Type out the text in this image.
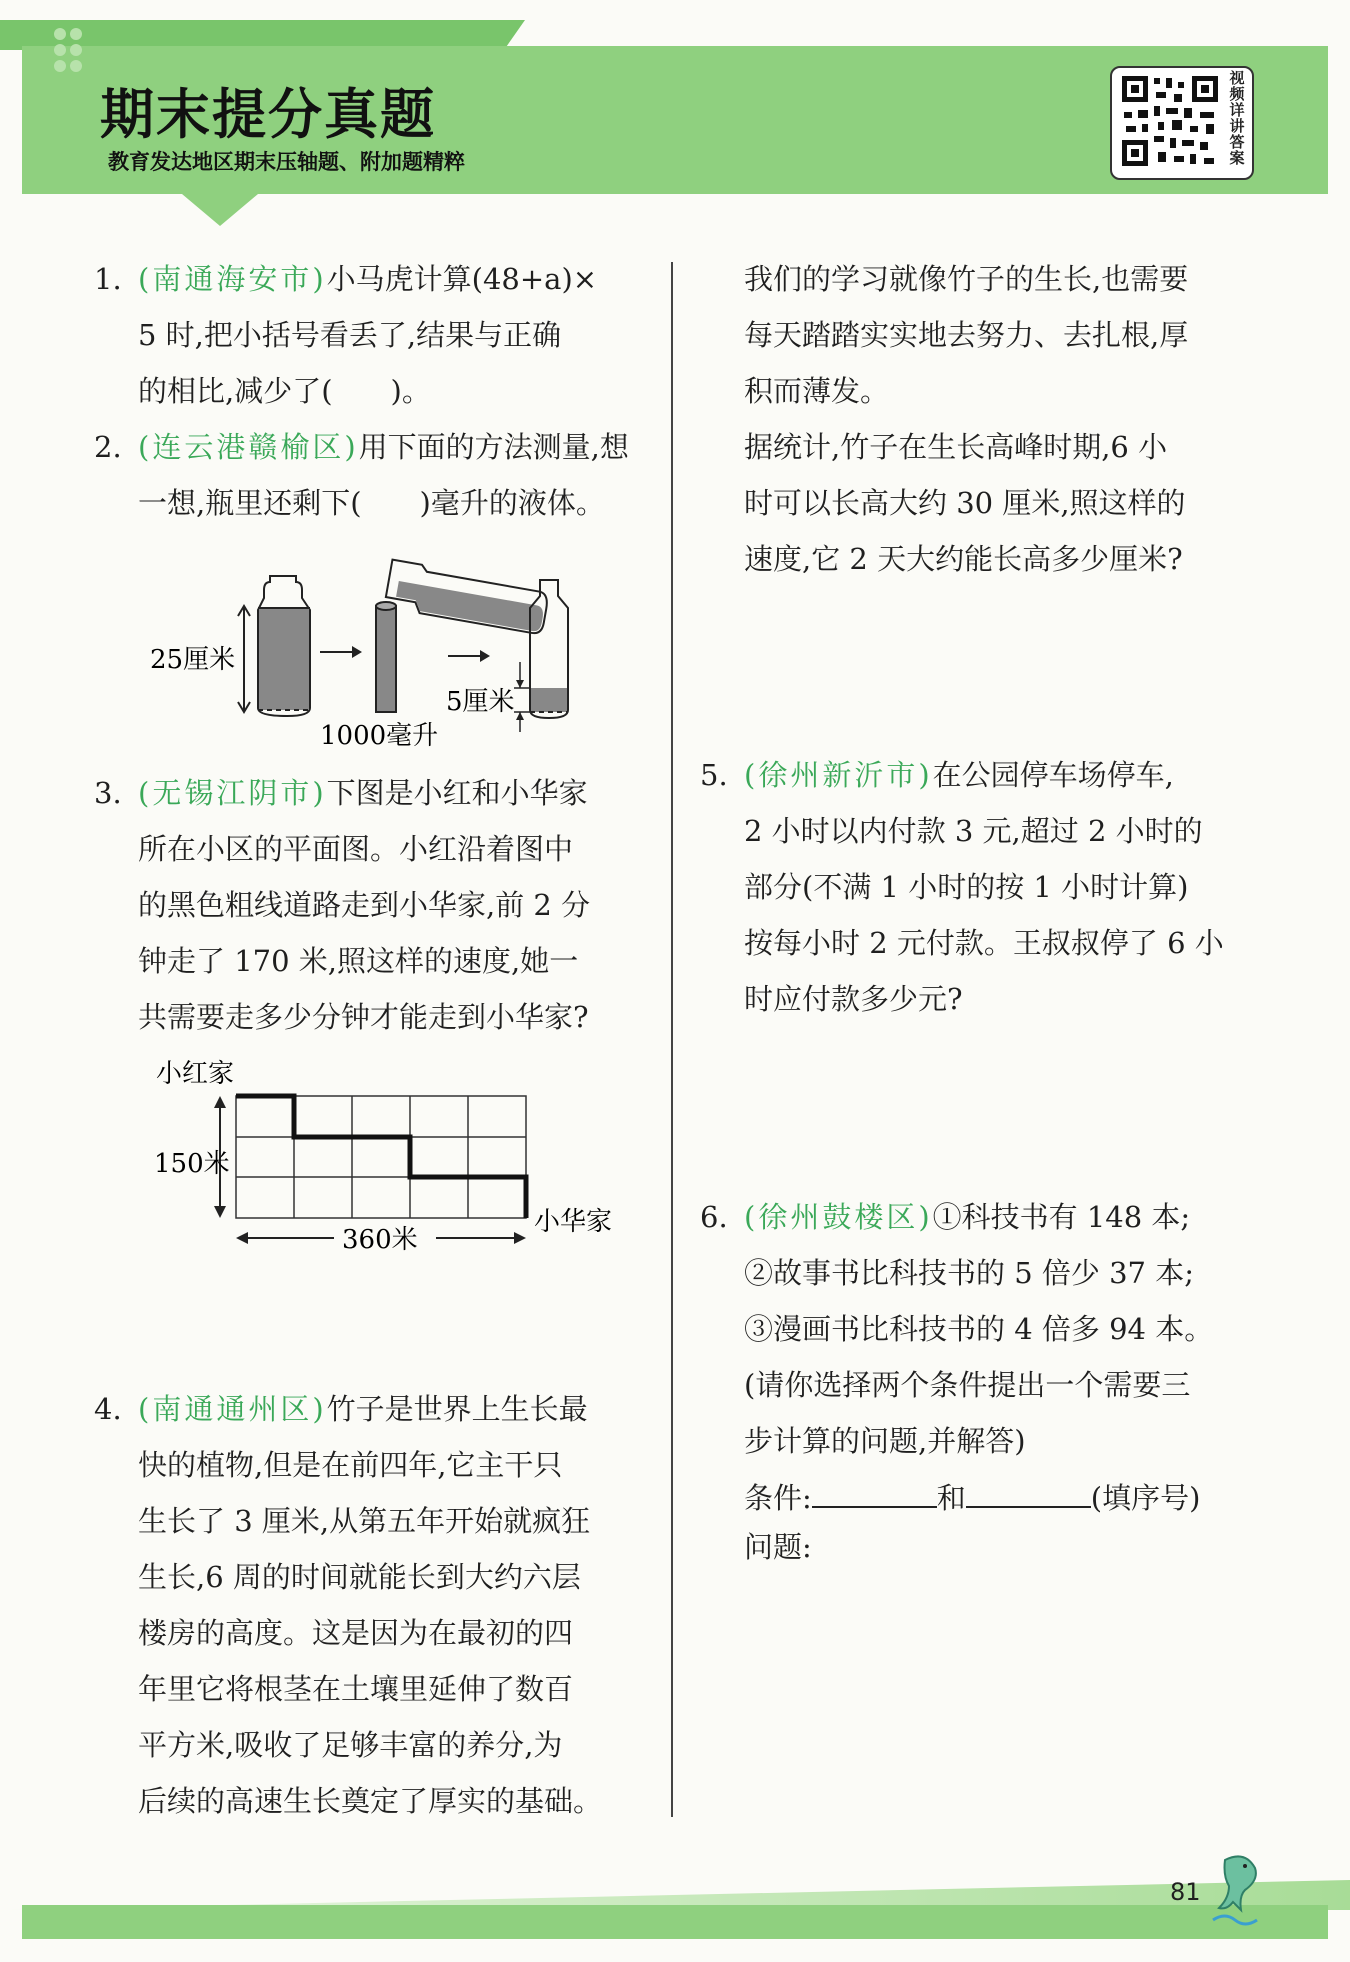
期末提分真题
教育发达地区期末压轴题、附加题精粹
视频详讲答案
1. (南通海安市)小马虎计算(48+a)×
5 时,把小括号看丢了,结果与正确
的相比,减少了(　　)。
2. (连云港赣榆区)用下面的方法测量,想
一想,瓶里还剩下(　　)毫升的液体。
25厘米
1000毫升
5厘米
3. (无锡江阴市)下图是小红和小华家
所在小区的平面图。小红沿着图中
的黑色粗线道路走到小华家,前 2 分
钟走了 170 米,照这样的速度,她一
共需要走多少分钟才能走到小华家?
小红家
150米
360米
小华家
4. (南通通州区)竹子是世界上生长最
快的植物,但是在前四年,它主干只
生长了 3 厘米,从第五年开始就疯狂
生长,6 周的时间就能长到大约六层
楼房的高度。这是因为在最初的四
年里它将根茎在土壤里延伸了数百
平方米,吸收了足够丰富的养分,为
后续的高速生长奠定了厚实的基础。
我们的学习就像竹子的生长,也需要
每天踏踏实实地去努力、去扎根,厚
积而薄发。
据统计,竹子在生长高峰时期,6 小
时可以长高大约 30 厘米,照这样的
速度,它 2 天大约能长高多少厘米?
5. (徐州新沂市)在公园停车场停车,
2 小时以内付款 3 元,超过 2 小时的
部分(不满 1 小时的按 1 小时计算)
按每小时 2 元付款。王叔叔停了 6 小
时应付款多少元?
6. (徐州鼓楼区)①科技书有 148 本;
②故事书比科技书的 5 倍少 37 本;
③漫画书比科技书的 4 倍多 94 本。
(请你选择两个条件提出一个需要三
步计算的问题,并解答)
条件:	和	(填序号)
问题:
81
